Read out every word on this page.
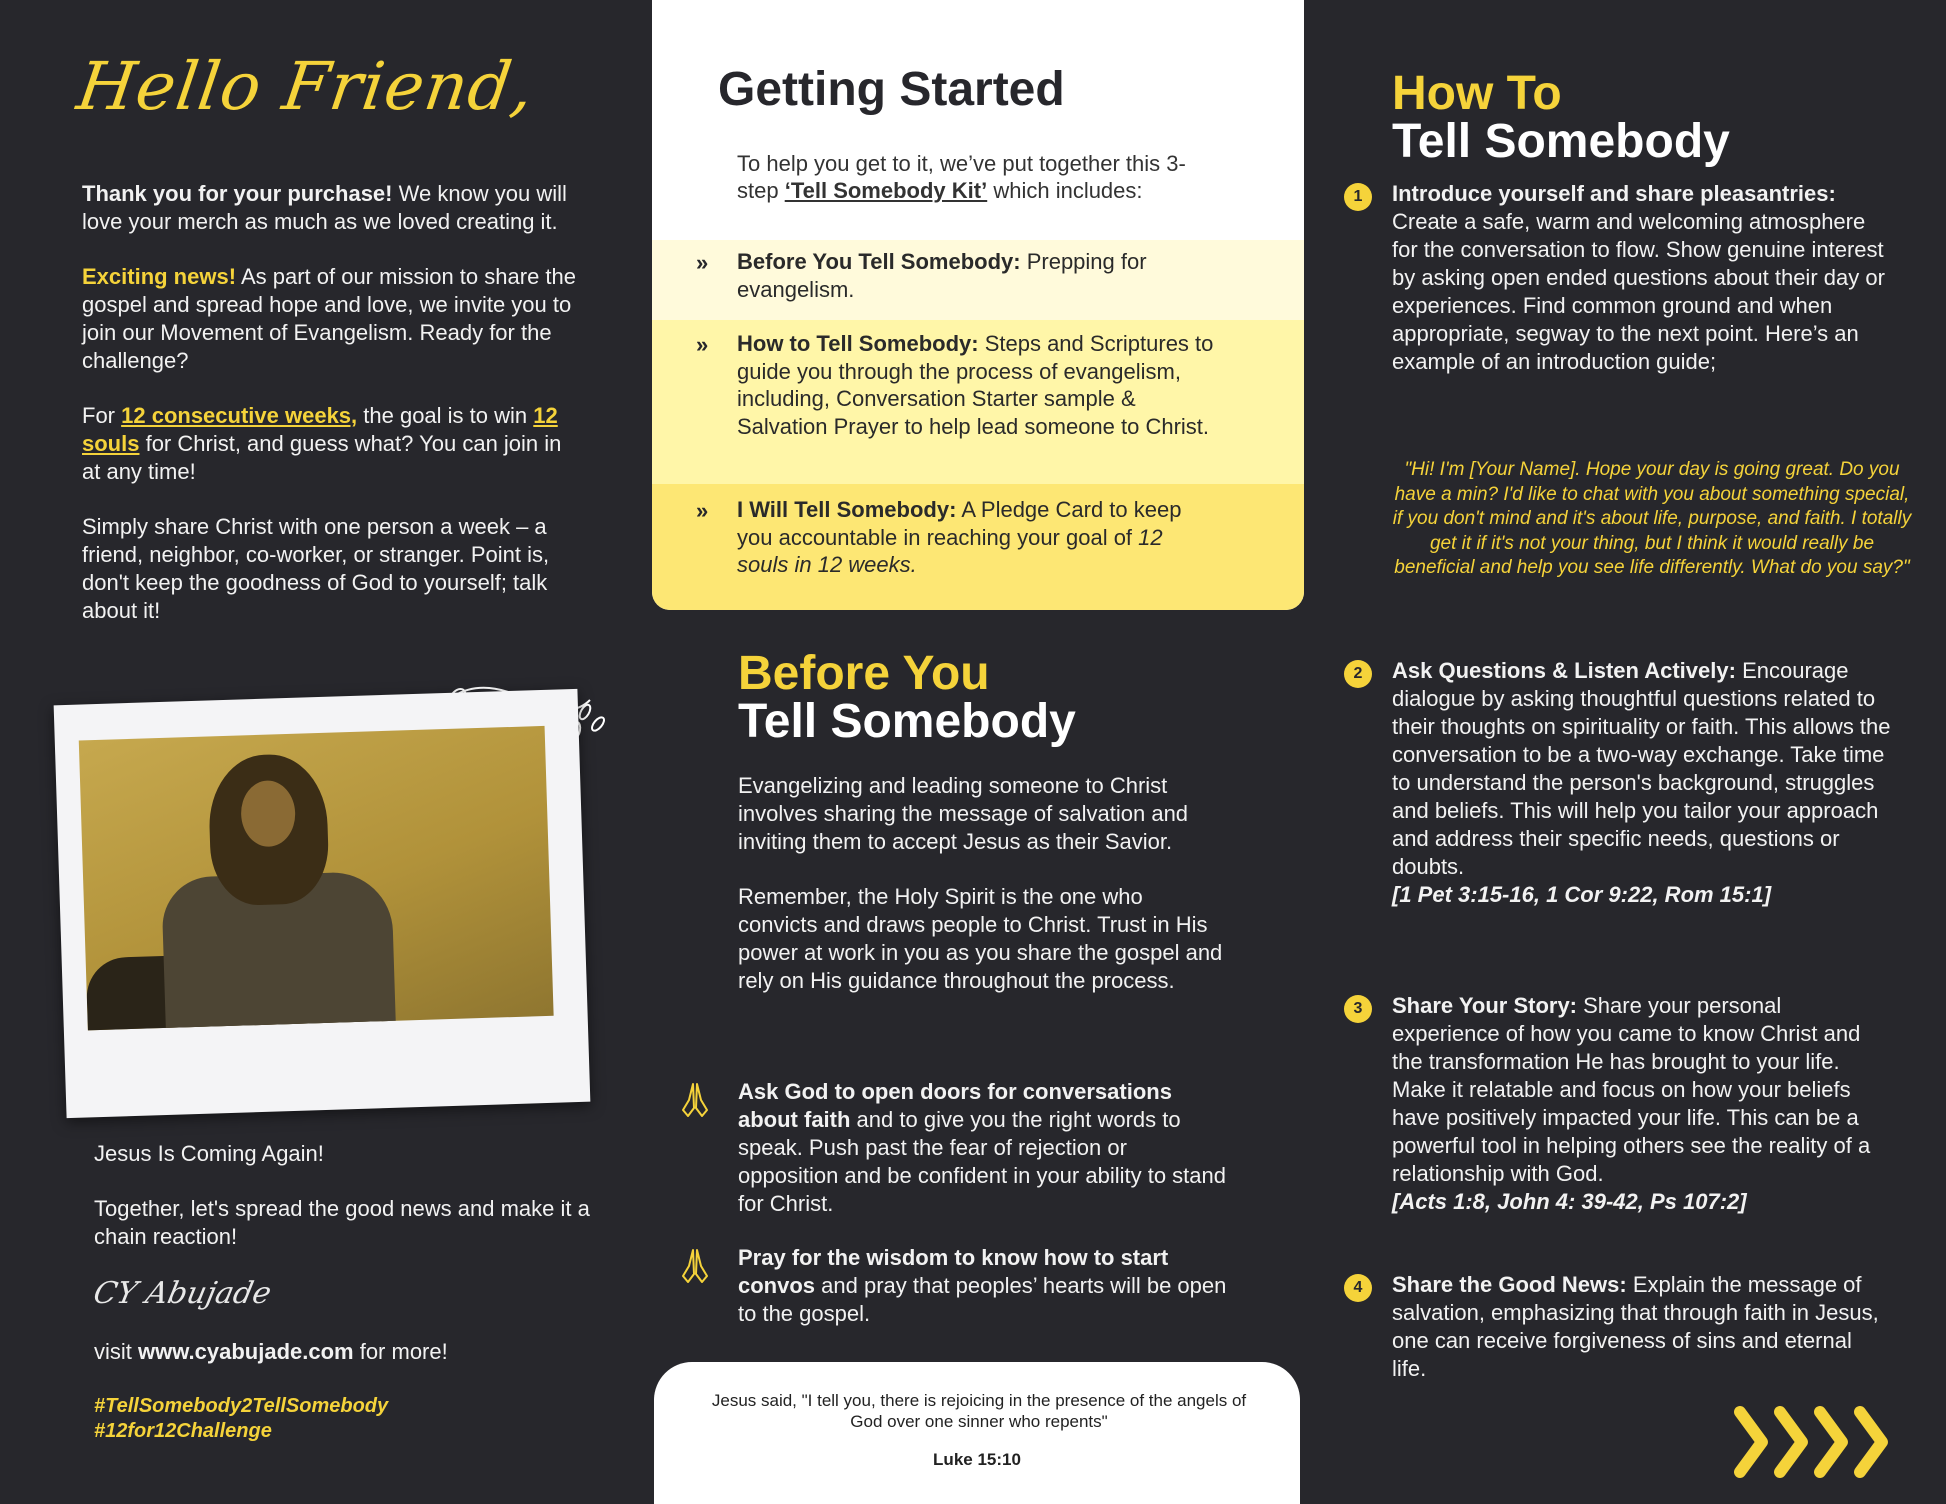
Hello Friend,

Thank you for your purchase! We know you will love your merch as much as we loved creating it.

Exciting news! As part of our mission to share the gospel and spread hope and love, we invite you to join our Movement of Evangelism. Ready for the challenge?

For 12 consecutive weeks, the goal is to win 12 souls for Christ, and guess what? You can join in at any time!

Simply share Christ with one person a week – a friend, neighbor, co-worker, or stranger. Point is, don't keep the goodness of God to yourself; talk about it!

Jesus Is Coming Again!

Together, let's spread the good news and make it a chain reaction!

CY Abujade
visit www.cyabujade.com for more!
#TellSomebody2TellSomebody
#12for12Challenge
Getting Started
To help you get to it, we’ve put together this 3-step ‘Tell Somebody Kit’ which includes:
» Before You Tell Somebody: Prepping for evangelism.
» How to Tell Somebody: Steps and Scriptures to guide you through the process of evangelism, including, Conversation Starter sample & Salvation Prayer to help lead someone to Christ.
» I Will Tell Somebody: A Pledge Card to keep you accountable in reaching your goal of 12 souls in 12 weeks.
Before You
Tell Somebody

Evangelizing and leading someone to Christ involves sharing the message of salvation and inviting them to accept Jesus as their Savior.

Remember, the Holy Spirit is the one who convicts and draws people to Christ. Trust in His power at work in you as you share the gospel and rely on His guidance throughout the process.

Ask God to open doors for conversations about faith and to give you the right words to speak. Push past the fear of rejection or opposition and be confident in your ability to stand for Christ.
Pray for the wisdom to know how to start convos and pray that peoples’ hearts will be open to the gospel.
Jesus said, "I tell you, there is rejoicing in the presence of the angels of God over one sinner who repents"
Luke 15:10
How To
Tell Somebody
1	Introduce yourself and share pleasantries: Create a safe, warm and welcoming atmosphere for the conversation to flow. Show genuine interest by asking open ended questions about their day or experiences. Find common ground and when appropriate, segway to the next point. Here’s an example of an introduction guide;
"Hi! I'm [Your Name]. Hope your day is going great. Do you have a min? I'd like to chat with you about something special, if you don't mind and it's about life, purpose, and faith. I totally get it if it's not your thing, but I think it would really be beneficial and help you see life differently. What do you say?"
2	Ask Questions & Listen Actively: Encourage dialogue by asking thoughtful questions related to their thoughts on spirituality or faith. This allows the conversation to be a two-way exchange. Take time to understand the person's background, struggles and beliefs. This will help you tailor your approach and address their specific needs, questions or doubts.
[1 Pet 3:15-16, 1 Cor 9:22, Rom 15:1]
3	Share Your Story: Share your personal experience of how you came to know Christ and the transformation He has brought to your life. Make it relatable and focus on how your beliefs have positively impacted your life. This can be a powerful tool in helping others see the reality of a relationship with God.
[Acts 1:8, John 4: 39-42, Ps 107:2]
4	Share the Good News: Explain the message of salvation, emphasizing that through faith in Jesus, one can receive forgiveness of sins and eternal life.
